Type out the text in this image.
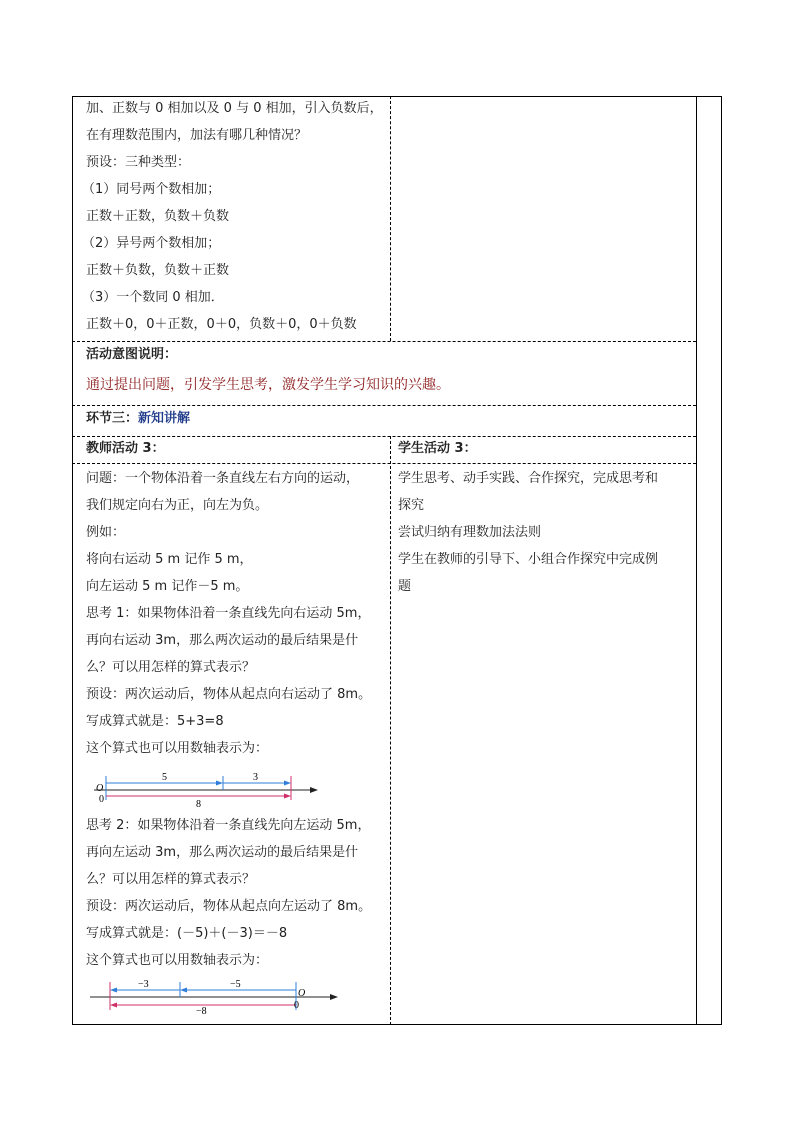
加、正数与 0 相加以及 0 与 0 相加，引入负数后，
在有理数范围内，加法有哪几种情况？
预设：三种类型：
（1）同号两个数相加；
正数＋正数，负数＋负数
（2）异号两个数相加；
正数＋负数，负数＋正数
（3）一个数同 0 相加．
正数＋0，0＋正数，0＋0，负数＋0，0＋负数
活动意图说明：
通过提出问题，引发学生思考，激发学生学习知识的兴趣。
环节三：新知讲解
教师活动 3：	学生活动 3：
问题：一个物体沿着一条直线左右方向的运动，
我们规定向右为正，向左为负。
例如：
将向右运动 5 m 记作 5 m，
向左运动 5 m 记作－5 m。
思考 1：如果物体沿着一条直线先向右运动 5m，
再向右运动 3m，那么两次运动的最后结果是什
么？可以用怎样的算式表示？
预设：两次运动后，物体从起点向右运动了 8m。
写成算式就是：5+3=8
这个算式也可以用数轴表示为：
O
0
5	3
8
思考 2：如果物体沿着一条直线先向左运动 5m，
再向左运动 3m，那么两次运动的最后结果是什
么？可以用怎样的算式表示？
预设：两次运动后，物体从起点向左运动了 8m。
写成算式就是：(－5)＋(－3)＝－8
这个算式也可以用数轴表示为：
−3	−5
−8
O
0
学生思考、动手实践、合作探究，完成思考和
探究
尝试归纳有理数加法法则
学生在教师的引导下、小组合作探究中完成例
题
